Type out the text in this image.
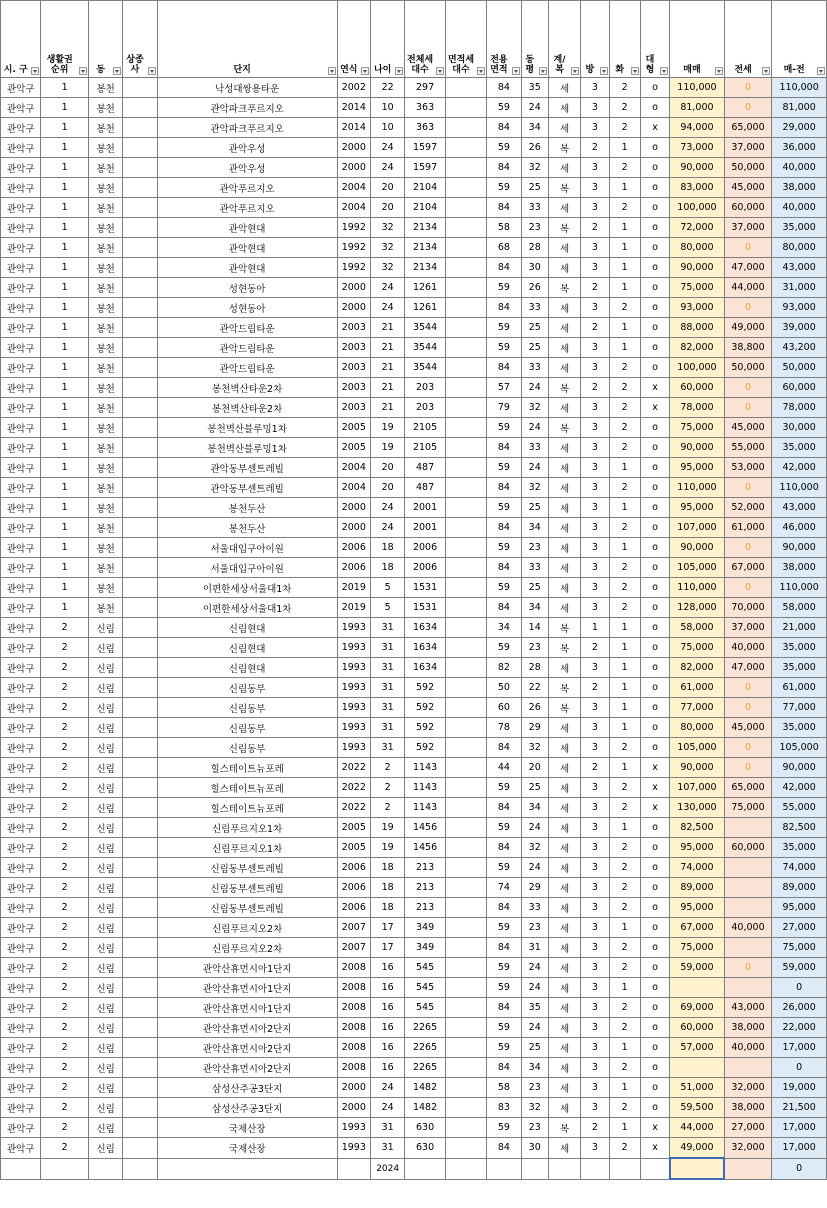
시. 구	생활권순위	동	상종사	단지	연식	나이	전체세대수	면적세대수	전용면적	동평	계/복	방	화	대형	매매	전세	매-전

관악구	1	봉천		낙성대쌍용타운	2002	22	297		84	35	세	3	2	o	110,000	0	110,000
관악구	1	봉천		관악파크푸르지오	2014	10	363		59	24	세	3	2	o	81,000	0	81,000
관악구	1	봉천		관악파크푸르지오	2014	10	363		84	34	세	3	2	x	94,000	65,000	29,000
관악구	1	봉천		관악우성	2000	24	1597		59	26	복	2	1	o	73,000	37,000	36,000
관악구	1	봉천		관악우성	2000	24	1597		84	32	세	3	2	o	90,000	50,000	40,000
관악구	1	봉천		관악푸르지오	2004	20	2104		59	25	복	3	1	o	83,000	45,000	38,000
관악구	1	봉천		관악푸르지오	2004	20	2104		84	33	세	3	2	o	100,000	60,000	40,000
관악구	1	봉천		관악현대	1992	32	2134		58	23	복	2	1	o	72,000	37,000	35,000
관악구	1	봉천		관악현대	1992	32	2134		68	28	세	3	1	o	80,000	0	80,000
관악구	1	봉천		관악현대	1992	32	2134		84	30	세	3	1	o	90,000	47,000	43,000
관악구	1	봉천		성현동아	2000	24	1261		59	26	복	2	1	o	75,000	44,000	31,000
관악구	1	봉천		성현동아	2000	24	1261		84	33	세	3	2	o	93,000	0	93,000
관악구	1	봉천		관악드림타운	2003	21	3544		59	25	세	2	1	o	88,000	49,000	39,000
관악구	1	봉천		관악드림타운	2003	21	3544		59	25	세	3	1	o	82,000	38,800	43,200
관악구	1	봉천		관악드림타운	2003	21	3544		84	33	세	3	2	o	100,000	50,000	50,000
관악구	1	봉천		봉천벽산타운2차	2003	21	203		57	24	복	2	2	x	60,000	0	60,000
관악구	1	봉천		봉천벽산타운2차	2003	21	203		79	32	세	3	2	x	78,000	0	78,000
관악구	1	봉천		봉천벽산블루밍1차	2005	19	2105		59	24	복	3	2	o	75,000	45,000	30,000
관악구	1	봉천		봉천벽산블루밍1차	2005	19	2105		84	33	세	3	2	o	90,000	55,000	35,000
관악구	1	봉천		관악동부센트레빌	2004	20	487		59	24	세	3	1	o	95,000	53,000	42,000
관악구	1	봉천		관악동부센트레빌	2004	20	487		84	32	세	3	2	o	110,000	0	110,000
관악구	1	봉천		봉천두산	2000	24	2001		59	25	세	3	1	o	95,000	52,000	43,000
관악구	1	봉천		봉천두산	2000	24	2001		84	34	세	3	2	o	107,000	61,000	46,000
관악구	1	봉천		서울대입구아이원	2006	18	2006		59	23	세	3	1	o	90,000	0	90,000
관악구	1	봉천		서울대입구아이원	2006	18	2006		84	33	세	3	2	o	105,000	67,000	38,000
관악구	1	봉천		이편한세상서울대1차	2019	5	1531		59	25	세	3	2	o	110,000	0	110,000
관악구	1	봉천		이편한세상서울대1차	2019	5	1531		84	34	세	3	2	o	128,000	70,000	58,000
관악구	2	신림		신림현대	1993	31	1634		34	14	복	1	1	o	58,000	37,000	21,000
관악구	2	신림		신림현대	1993	31	1634		59	23	복	2	1	o	75,000	40,000	35,000
관악구	2	신림		신림현대	1993	31	1634		82	28	세	3	1	o	82,000	47,000	35,000
관악구	2	신림		신림동부	1993	31	592		50	22	복	2	1	o	61,000	0	61,000
관악구	2	신림		신림동부	1993	31	592		60	26	복	3	1	o	77,000	0	77,000
관악구	2	신림		신림동부	1993	31	592		78	29	세	3	1	o	80,000	45,000	35,000
관악구	2	신림		신림동부	1993	31	592		84	32	세	3	2	o	105,000	0	105,000
관악구	2	신림		힐스테이트뉴포레	2022	2	1143		44	20	세	2	1	x	90,000	0	90,000
관악구	2	신림		힐스테이트뉴포레	2022	2	1143		59	25	세	3	2	x	107,000	65,000	42,000
관악구	2	신림		힐스테이트뉴포레	2022	2	1143		84	34	세	3	2	x	130,000	75,000	55,000
관악구	2	신림		신림푸르지오1차	2005	19	1456		59	24	세	3	1	o	82,500		82,500
관악구	2	신림		신림푸르지오1차	2005	19	1456		84	32	세	3	2	o	95,000	60,000	35,000
관악구	2	신림		신림동부센트레빌	2006	18	213		59	24	세	3	2	o	74,000		74,000
관악구	2	신림		신림동부센트레빌	2006	18	213		74	29	세	3	2	o	89,000		89,000
관악구	2	신림		신림동부센트레빌	2006	18	213		84	33	세	3	2	o	95,000		95,000
관악구	2	신림		신림푸르지오2차	2007	17	349		59	23	세	3	1	o	67,000	40,000	27,000
관악구	2	신림		신림푸르지오2차	2007	17	349		84	31	세	3	2	o	75,000		75,000
관악구	2	신림		관악산휴먼시아1단지	2008	16	545		59	24	세	3	2	o	59,000	0	59,000
관악구	2	신림		관악산휴먼시아1단지	2008	16	545		59	24	세	3	1	o			0
관악구	2	신림		관악산휴먼시아1단지	2008	16	545		84	35	세	3	2	o	69,000	43,000	26,000
관악구	2	신림		관악산휴먼시아2단지	2008	16	2265		59	24	세	3	2	o	60,000	38,000	22,000
관악구	2	신림		관악산휴먼시아2단지	2008	16	2265		59	25	세	3	1	o	57,000	40,000	17,000
관악구	2	신림		관악산휴먼시아2단지	2008	16	2265		84	34	세	3	2	o			0
관악구	2	신림		삼성산주공3단지	2000	24	1482		58	23	세	3	1	o	51,000	32,000	19,000
관악구	2	신림		삼성산주공3단지	2000	24	1482		83	32	세	3	2	o	59,500	38,000	21,500
관악구	2	신림		국제산장	1993	31	630		59	23	복	2	1	x	44,000	27,000	17,000
관악구	2	신림		국제산장	1993	31	630		84	30	세	3	2	x	49,000	32,000	17,000
						2024											0
